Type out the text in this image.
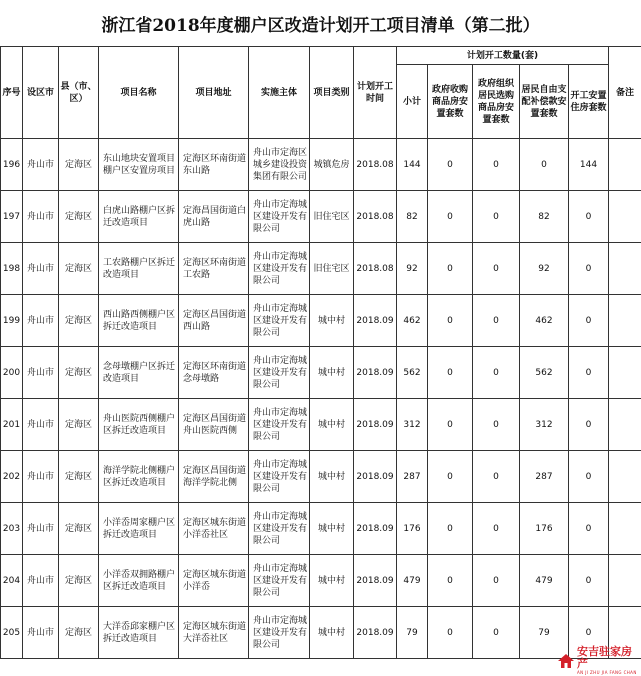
浙江省2018年度棚户区改造计划开工项目清单（第二批）
序号	设区市	县（市、区）	项目名称	项目地址	实施主体	项目类别	计划开工时间	计划开工数量(套)					备注
								小计	政府收购商品房安置套数	政府组织居民选购商品房安置套数	居民自由支配补偿款安置套数	开工安置住房套数	
196	舟山市	定海区	东山地块安置项目棚户区安置房项目	定海区环南街道东山路	舟山市定海区城乡建设投资集团有限公司	城镇危房	2018.08	144	0	0	0	144	
197	舟山市	定海区	白虎山路棚户区拆迁改造项目	定海昌国街道白虎山路	舟山市定海城区建设开发有限公司	旧住宅区	2018.08	82	0	0	82	0	
198	舟山市	定海区	工农路棚户区拆迁改造项目	定海区环南街道工农路	舟山市定海城区建设开发有限公司	旧住宅区	2018.08	92	0	0	92	0	
199	舟山市	定海区	西山路西侧棚户区拆迁改造项目	定海区昌国街道西山路	舟山市定海城区建设开发有限公司	城中村	2018.09	462	0	0	462	0	
200	舟山市	定海区	念母墩棚户区拆迁改造项目	定海区环南街道念母墩路	舟山市定海城区建设开发有限公司	城中村	2018.09	562	0	0	562	0	
201	舟山市	定海区	舟山医院西侧棚户区拆迁改造项目	定海区昌国街道舟山医院西侧	舟山市定海城区建设开发有限公司	城中村	2018.09	312	0	0	312	0	
202	舟山市	定海区	海洋学院北侧棚户区拆迁改造项目	定海区昌国街道海洋学院北侧	舟山市定海城区建设开发有限公司	城中村	2018.09	287	0	0	287	0	
203	舟山市	定海区	小洋岙周家棚户区拆迁改造项目	定海区城东街道小洋岙社区	舟山市定海城区建设开发有限公司	城中村	2018.09	176	0	0	176	0	
204	舟山市	定海区	小洋岙双拥路棚户区拆迁改造项目	定海区城东街道小洋岙	舟山市定海城区建设开发有限公司	城中村	2018.09	479	0	0	479	0	
205	舟山市	定海区	大洋岙邱家棚户区拆迁改造项目	定海区城东街道大洋岙社区	舟山市定海城区建设开发有限公司	城中村	2018.09	79	0	0	79	0	
安吉驻家房产
AN JI ZHU JIA FANG CHAN
